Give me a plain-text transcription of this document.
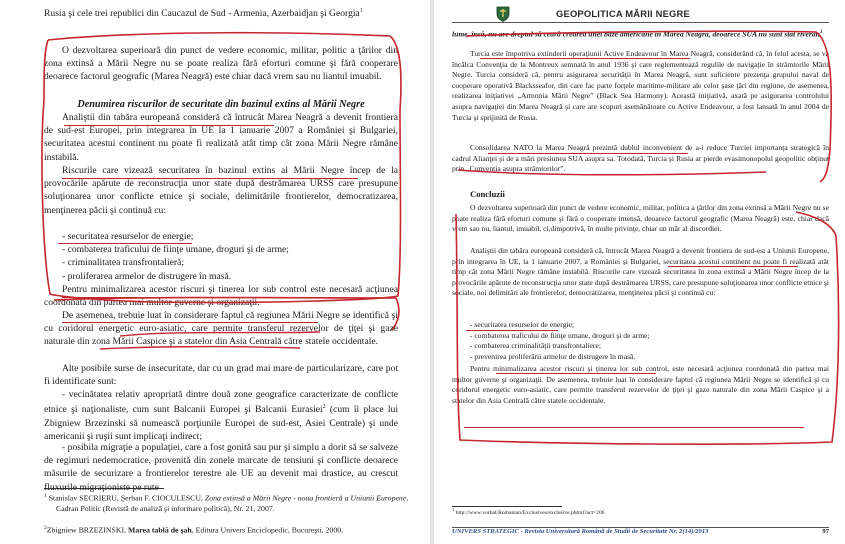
Rusia şi cele trei republici din Caucazul de Sud - Armenia, Azerbaidjan şi Georgia$^1$

O dezvoltarea superioară din punct de vedere economic, militar, politic a ţărilor din zona extinsă a Mării Negre nu se poate realiza fără eforturi comune şi fără cooperare deoarece factorul geografic (Marea Neagră) este chiar dacă vrem sau nu liantul imuabil.

Denumirea riscurilor de securitate din bazinul extins al Mării Negre

Analiştii din tabăra europeană consideră că întrucât Marea Neagră a devenit frontiera de sud-est Europei, prin integrarea în UE la 1 ianuarie 2007 a României şi Bulgariei, securitatea acestui continent nu poate fi realizată atât timp cât zona Mării Negre rămâne instabilă.

Riscurile care vizează securitatea în bazinul extins al Mării Negre încep de la provocările apărute de reconstrucţia unor state după destrămarea URSS care presupune soluţionarea unor conflicte etnice şi sociale, delimitările frontierelor, democratizarea, menţinerea păcii şi continuă cu:

- securitatea resurselor de energie;
- combaterea traficului de fiinţe umane, droguri şi de arme;
- criminalitatea transfrontalieră;
- proliferarea armelor de distrugere în masă.

Pentru minimalizarea acestor riscuri şi tinerea lor sub control este necesară acţiunea coordonată din partea mai multor guverne şi organizaţii.

De asemenea, trebuie luat în considerare faptul că regiunea Mării Negre se identifică şi cu coridorul energetic euro-asiatic, care permite transferul rezervelor de ţiţei şi gaze naturale din zona Mării Caspice şi a statelor din Asia Centrală către statele occidentale.

Alte posibile surse de insecuritate, dar cu un grad mai mare de particularizare, care pot fi identificate sunt:

- vecinătatea relativ apropriată dintre două zone geografice caracterizate de conflicte etnice şi naţionaliste, cum sunt Balcanii Europei şi Balcanii Eurasiei$^2$ (cum îi place lui Zbigniew Brzezinski să numească porţiunile Europei de sud-est, Asiei Centrale) şi unde americanii şi ruşii sunt implicaţi indirect;

- posibila migraţie a populaţiei, care a fost gonită sau pur şi simplu a dorit să se salveze de regimuri nedemocratice, provenită din zonele marcate de tensiuni şi conflicte deoarece măsurile de securizare a frontierelor terestre ale UE au devenit mai drastice, au crescut

$^1$ Stanislav SECRIERU, Şerban F. CIOCULESCU, Zona extinsă a Mării Negre - noua frontieră a Uniunii Europene, Cadran Politic (Revistă de analiză şi informare politică), Nr. 21, 2007.

$^2$Zbigniew BRZEZINSKI, Marea tablă de şah, Editura Univers Enciclopedic, Bucureşti, 2000.

GEOPOLITICA MĂRII NEGRE

lume, însă, nu are dreptul să ceară crearea unei baze americane în Marea Neagră, deoarece SUA nu sunt stat riveran$^1$

Turcia este împotriva extinderii operaţiunii Active Endeavour în Marea Neagră, considerând că, în felul acesta, se va încălca Convenţia de la Montreux semnată în anul 1936 şi care reglementează regulile de navigaţie în strâmtorile Mării Negre. Turcia consideră că, pentru asigurarea securităţii în Marea Neagră, sunt suficiente prezenţa grupului naval de cooperare operativă Blacksseafor, din care fac parte forţele maritime-militare ale celor şase ţări din regiune, de asemenea, realizarea iniţiativei „Armonia Mării Negre” (Black Sea Harmony). Această iniţiativă, axată pe asigurarea controlului asupra navigaţiei din Marea Neagră şi care are scopuri asemănătoare cu Active Endeavour, a fost lansată în anul 2004 de Turcia şi sprijinită de Rusia.

Consolidarea NATO la Marea Neagră prezintă dublul inconvenient de a-i reduce Turciei importanţa strategică în cadrul Alianţei şi de a mări presiunea SUA asupra sa. Totodată, Turcia şi Rusia ar pierde evasimonopolul geopolitic obţinut prin „Convenţia asupra strâmtorilor”.

Concluzii

O dezvoltarea superioară din punct de vedere economic, militar, politica a ţărilor din zona extinsă a Mării Negre nu se poate realiza fără eforturi comune şi fără o cooperare intensă, deoarece factorul geografic (Marea Neagră) este, chiar dacă vrem sau nu, liantul, imuabil, ci,dimpotrivă, în multe privinţe, chiar un măr al discordiei.

Analiştii din tabăra europeană consideră că, întrucât Marea Neagră a devenit frontiera de sud-est a Uniunii Europene, prin integrarea în UE, la 1 ianuarie 2007, a României şi Bulgariei, securitatea acestui continent nu poate fi realizată atât timp cât zona Mării Negre rămâne instabilă. Riscurile care vizează securitatea în zona extinsă a Mării Negre încep de la provocările apărute de reconstrucţia unor state după destrămarea URSS, care presupune soluţionarea unor conflicte etnice şi sociale, noi delimitări ale frontierelor, democratizarea, menţinerea păcii şi continuă cu:

- securitatea resurselor de energie;
- combaterea traficului de fiinţe umane, droguri şi de arme;
- combaterea criminalităţii transfrontaliere;
- prevenirea proliferării armelor de distrugere în masă.

Pentru minimalizarea acestor riscuri şi ţinerea lor sub control, este necesară acţiunea coordonată din partea mai multor guverne şi organizaţii. De asemenea, trebuie luat în considerare faptul că regiunea Mării Negre se identifică şi cu coridorul energetic euro-asiatic, care permite transferul rezervelor de ţiţei şi gaze naturale din zona Mării Caspice şi a statelor din Asia Centrală către statele occidentale.

$^1$ http://www.vorbal/Romanian/Exclusives/exclusive.phtml?act=206

UNIVERS STRATEGIC - Revista Universitară Română de Studii de Securitate Nr. 2(14)/2013	97
